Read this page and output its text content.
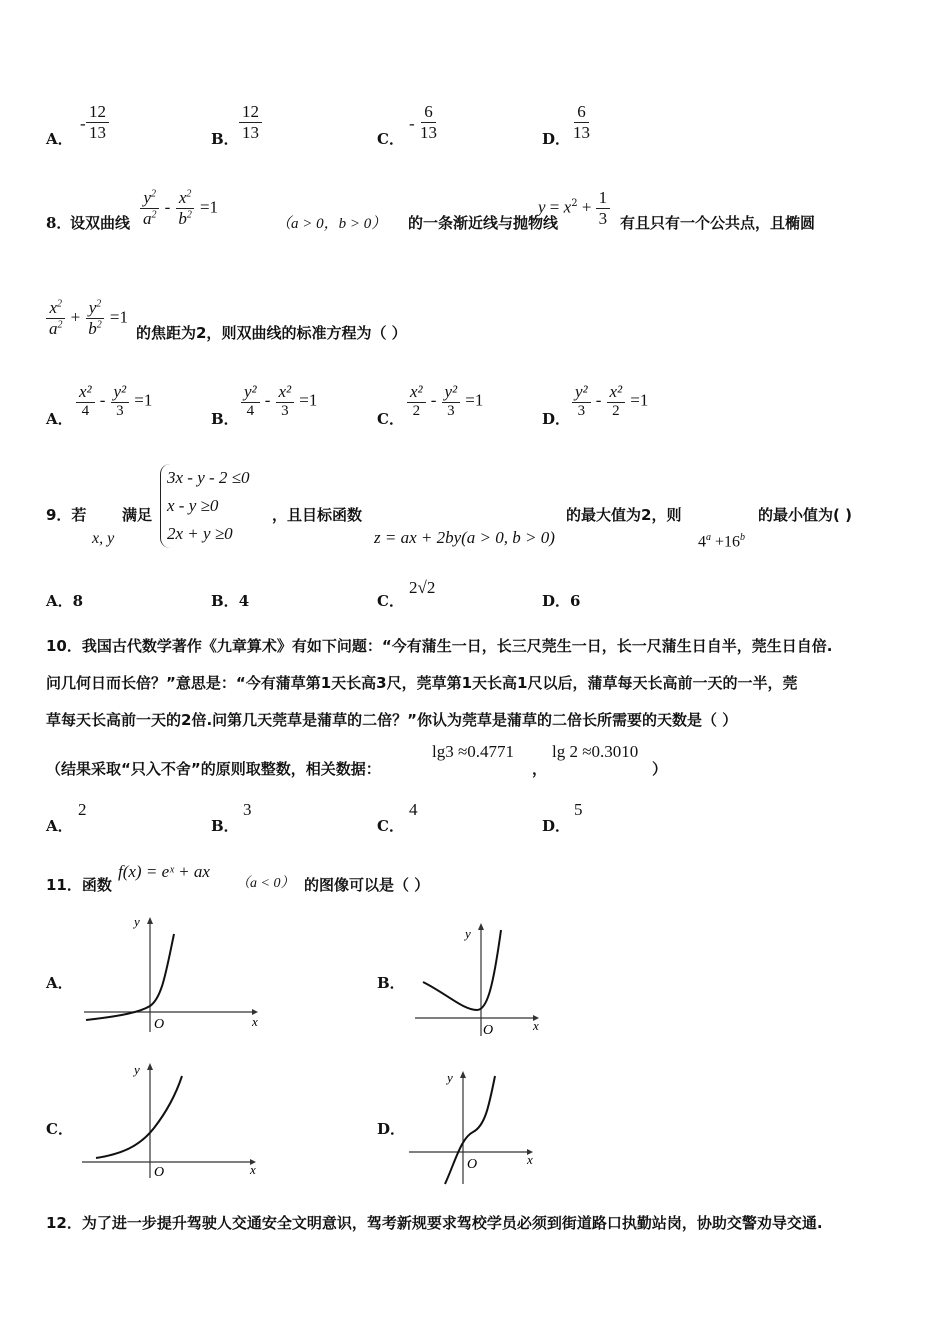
A．
- $\frac{12}{13}$	B． $\frac{12}{13}$	C．
- $\frac{6}{13}$	D． $\frac{6}{13}$
8．
设双曲线 $\frac{y^2}{a^2} - \frac{x^2}{b^2} =1$
（a > 0，b > 0） 的一条渐近线与抛物线
$y = x^2 + \frac{1}{3}$ 有且只有一个公共点，且椭圆
$\frac{x^2}{a^2} + \frac{y^2}{b^2} =1$
的焦距为2，则双曲线的标准方程为（ ）
A． $\frac{\text{x²}}{4} - \frac{\text{y²}}{3} =1$
B． $\frac{\text{y²}}{4} - \frac{\text{x²}}{3} =1$
C． $\frac{\text{x²}}{2} - \frac{\text{y²}}{3} =1$
D． $\frac{\text{y²}}{3} - \frac{\text{x²}}{2} =1$
9．若
x, y
满足
3x - y - 2 ≤0
x - y ≥0
2x + y ≥0
，且目标函数
z = ax + 2by(a > 0, b > 0)
的最大值为2，则
$4^a +16^b$
的最小值为( )
A．8	B．4	C．
2√2
D．6
10．我国古代数学著作《九章算术》有如下问题：“今有蒲生一日，长三尺莞生一日，长一尺蒲生日自半，莞生日自倍.
问几何日而长倍？”意思是：“今有蒲草第1天长高3尺，莞草第1天长高1尺以后，蒲草每天长高前一天的一半，莞
草每天长高前一天的2倍.问第几天莞草是蒲草的二倍？”你认为莞草是蒲草的二倍长所需要的天数是（ ）
（结果采取“只入不舍”的原则取整数，相关数据：
lg3 ≈0.4771
，
lg 2 ≈0.3010
）
A．
2
B．
3
C．
4
D．
5
11．函数
f(x) = eˣ + ax
（a < 0） 的图像可以是（ ）
A．
O	x
y
B．
O	x
y
C．
O	x
y
D．
O	x
y
12．为了进一步提升驾驶人交通安全文明意识，驾考新规要求驾校学员必须到街道路口执勤站岗，协助交警劝导交通.
